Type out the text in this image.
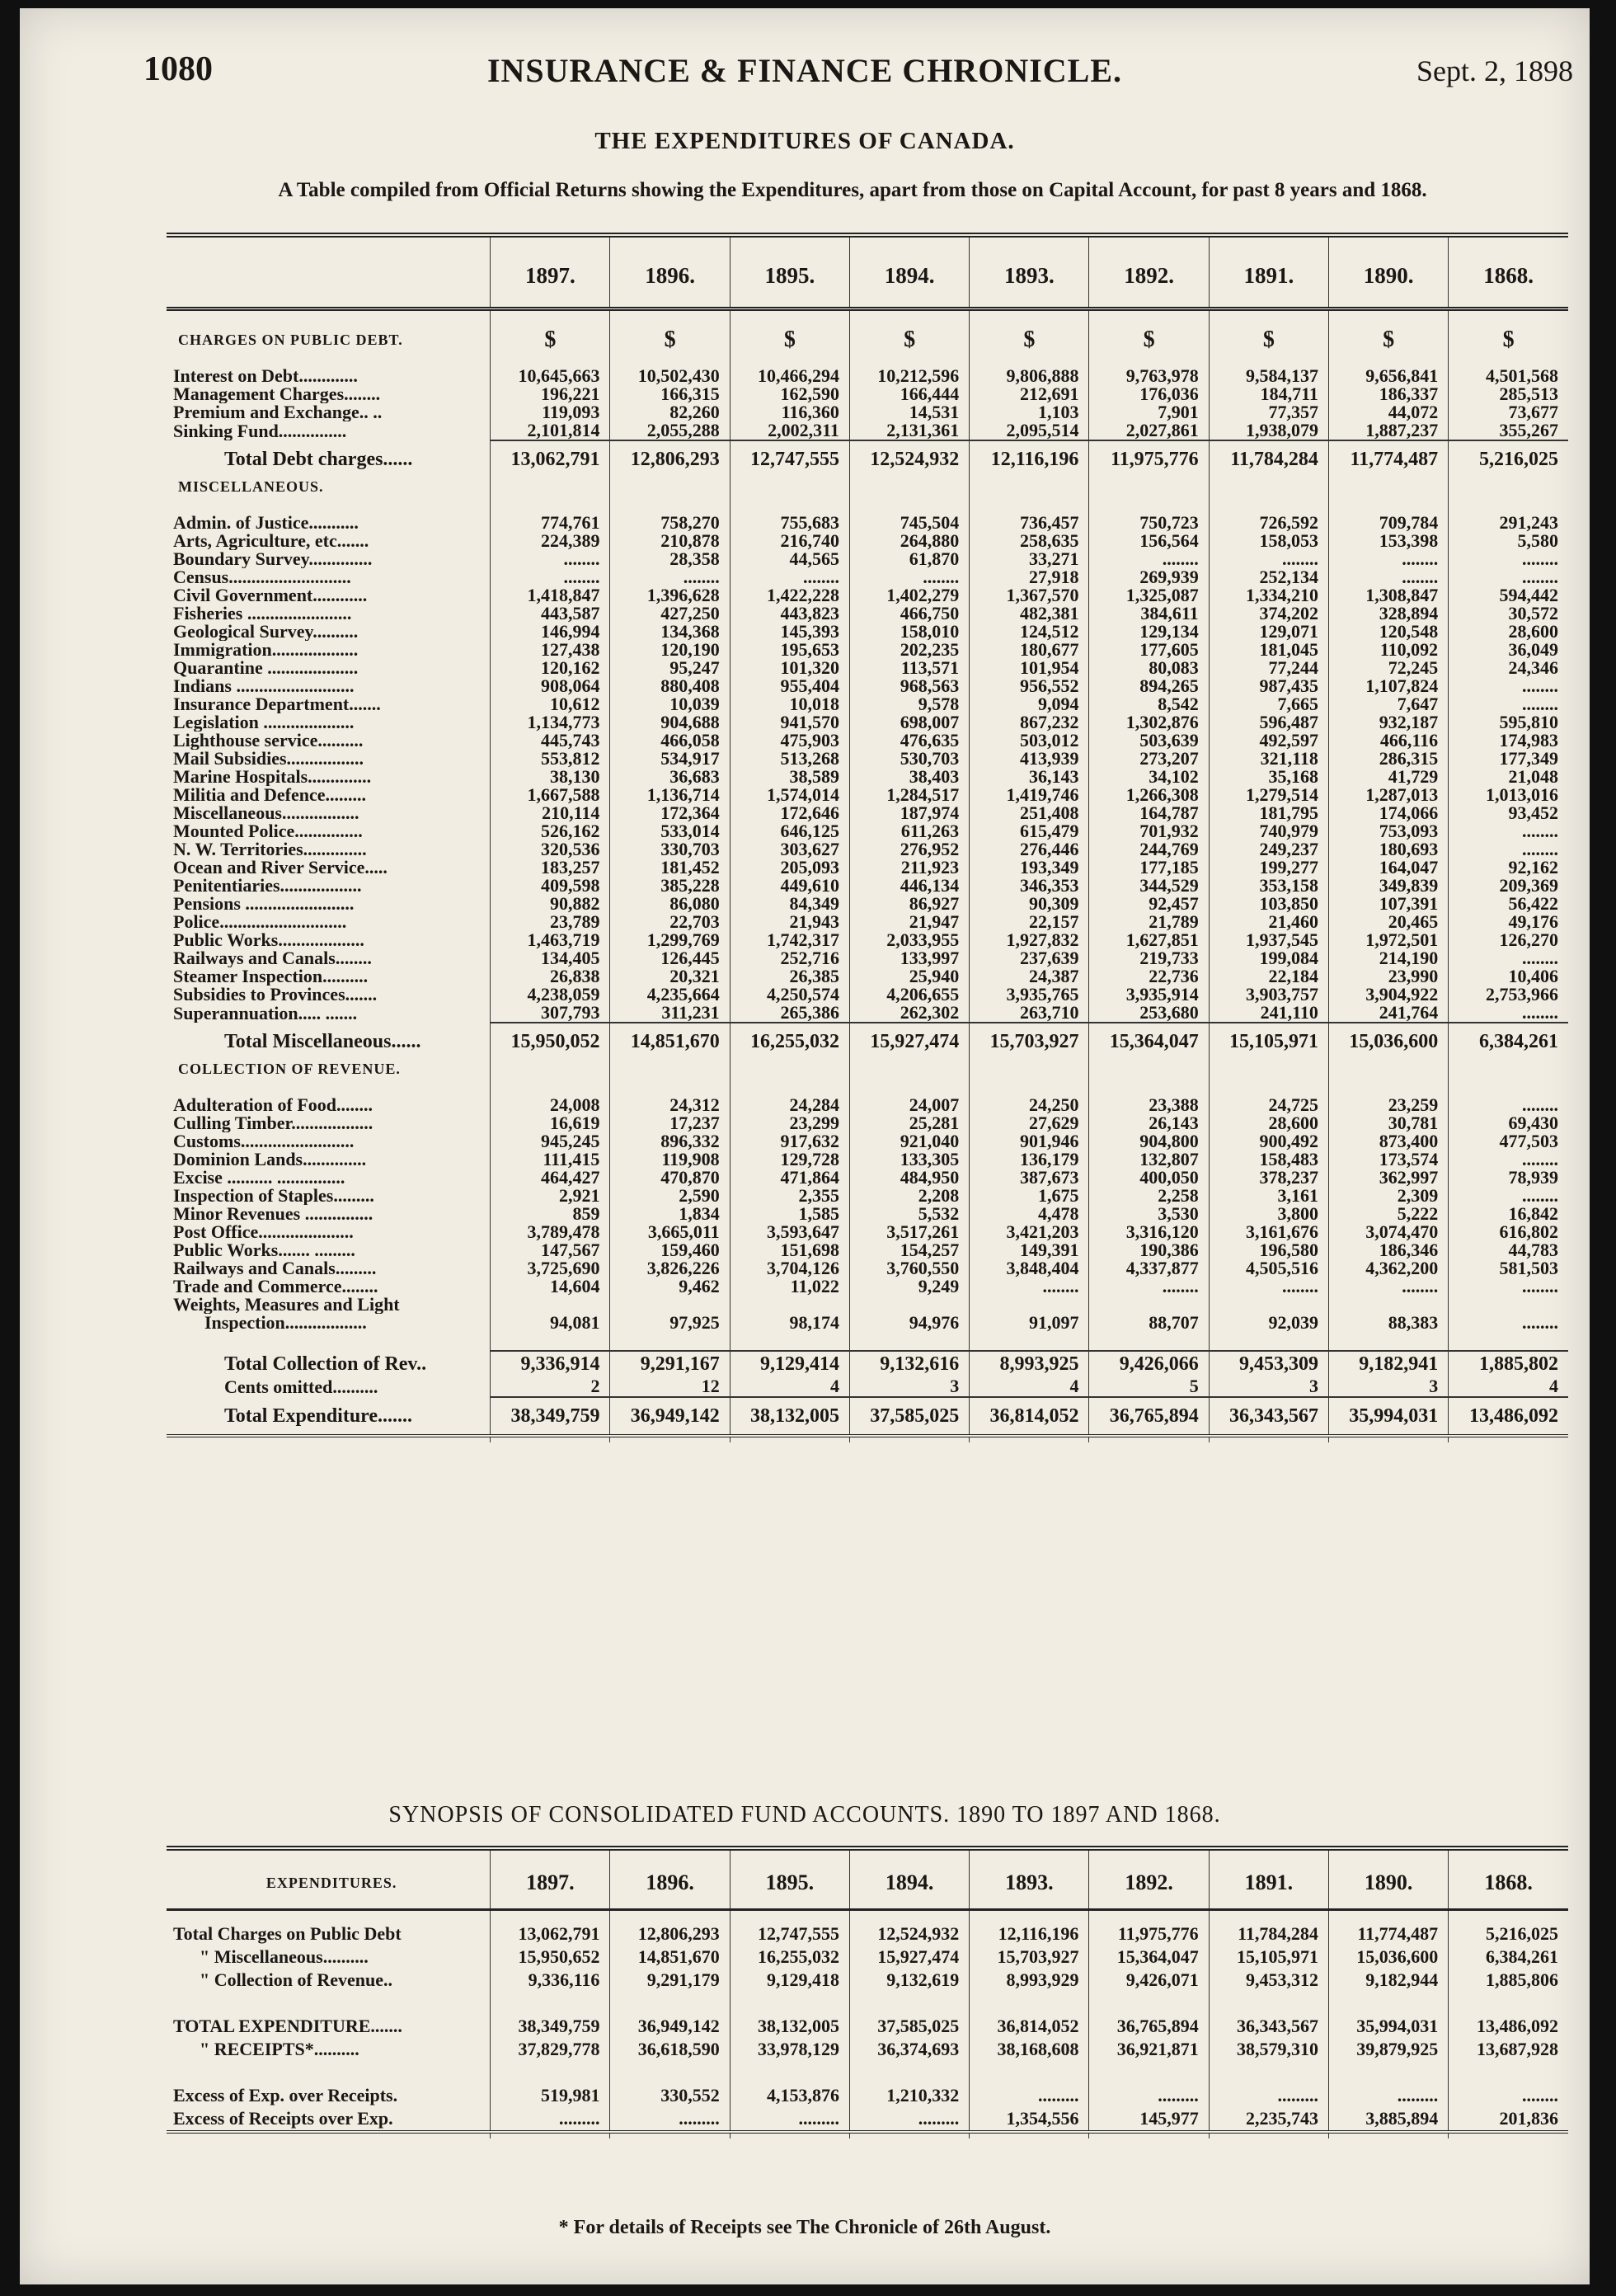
1080	INSURANCE & FINANCE CHRONICLE.	Sept. 2, 1898
THE EXPENDITURES OF CANADA.
A Table compiled from Official Returns showing the Expenditures, apart from those on Capital Account, for past 8 years and 1868.

	1897.	1896.	1895.	1894.	1893.	1892.	1891.	1890.	1868.

CHARGES ON PUBLIC DEBT.	$	$	$	$	$	$	$	$	$

Interest on Debt.............	10,645,663	10,502,430	10,466,294	10,212,596	9,806,888	9,763,978	9,584,137	9,656,841	4,501,568
Management Charges........	196,221	166,315	162,590	166,444	212,691	176,036	184,711	186,337	285,513
Premium and Exchange.. ..	119,093	82,260	116,360	14,531	1,103	7,901	77,357	44,072	73,677
Sinking Fund...............	2,101,814	2,055,288	2,002,311	2,131,361	2,095,514	2,027,861	1,938,079	1,887,237	355,267
Total Debt charges......	13,062,791	12,806,293	12,747,555	12,524,932	12,116,196	11,975,776	11,784,284	11,774,487	5,216,025
MISCELLANEOUS.									

Admin. of Justice...........	774,761	758,270	755,683	745,504	736,457	750,723	726,592	709,784	291,243
Arts, Agriculture, etc.......	224,389	210,878	216,740	264,880	258,635	156,564	158,053	153,398	5,580
Boundary Survey..............	........	28,358	44,565	61,870	33,271	........	........	........	........
Census...........................	........	........	........	........	27,918	269,939	252,134	........	........
Civil Government............	1,418,847	1,396,628	1,422,228	1,402,279	1,367,570	1,325,087	1,334,210	1,308,847	594,442
Fisheries .......................	443,587	427,250	443,823	466,750	482,381	384,611	374,202	328,894	30,572
Geological Survey..........	146,994	134,368	145,393	158,010	124,512	129,134	129,071	120,548	28,600
Immigration...................	127,438	120,190	195,653	202,235	180,677	177,605	181,045	110,092	36,049
Quarantine ....................	120,162	95,247	101,320	113,571	101,954	80,083	77,244	72,245	24,346
Indians ..........................	908,064	880,408	955,404	968,563	956,552	894,265	987,435	1,107,824	........
Insurance Department.......	10,612	10,039	10,018	9,578	9,094	8,542	7,665	7,647	........
Legislation ....................	1,134,773	904,688	941,570	698,007	867,232	1,302,876	596,487	932,187	595,810
Lighthouse service..........	445,743	466,058	475,903	476,635	503,012	503,639	492,597	466,116	174,983
Mail Subsidies.................	553,812	534,917	513,268	530,703	413,939	273,207	321,118	286,315	177,349
Marine Hospitals..............	38,130	36,683	38,589	38,403	36,143	34,102	35,168	41,729	21,048
Militia and Defence.........	1,667,588	1,136,714	1,574,014	1,284,517	1,419,746	1,266,308	1,279,514	1,287,013	1,013,016
Miscellaneous.................	210,114	172,364	172,646	187,974	251,408	164,787	181,795	174,066	93,452
Mounted Police...............	526,162	533,014	646,125	611,263	615,479	701,932	740,979	753,093	........
N. W. Territories..............	320,536	330,703	303,627	276,952	276,446	244,769	249,237	180,693	........
Ocean and River Service.....	183,257	181,452	205,093	211,923	193,349	177,185	199,277	164,047	92,162
Penitentiaries..................	409,598	385,228	449,610	446,134	346,353	344,529	353,158	349,839	209,369
Pensions ........................	90,882	86,080	84,349	86,927	90,309	92,457	103,850	107,391	56,422
Police............................	23,789	22,703	21,943	21,947	22,157	21,789	21,460	20,465	49,176
Public Works...................	1,463,719	1,299,769	1,742,317	2,033,955	1,927,832	1,627,851	1,937,545	1,972,501	126,270
Railways and Canals........	134,405	126,445	252,716	133,997	237,639	219,733	199,084	214,190	........
Steamer Inspection..........	26,838	20,321	26,385	25,940	24,387	22,736	22,184	23,990	10,406
Subsidies to Provinces.......	4,238,059	4,235,664	4,250,574	4,206,655	3,935,765	3,935,914	3,903,757	3,904,922	2,753,966
Superannuation..... .......	307,793	311,231	265,386	262,302	263,710	253,680	241,110	241,764	........
Total Miscellaneous......	15,950,052	14,851,670	16,255,032	15,927,474	15,703,927	15,364,047	15,105,971	15,036,600	6,384,261
COLLECTION OF REVENUE.									

Adulteration of Food........	24,008	24,312	24,284	24,007	24,250	23,388	24,725	23,259	........
Culling Timber..................	16,619	17,237	23,299	25,281	27,629	26,143	28,600	30,781	69,430
Customs.........................	945,245	896,332	917,632	921,040	901,946	904,800	900,492	873,400	477,503
Dominion Lands..............	111,415	119,908	129,728	133,305	136,179	132,807	158,483	173,574	........
Excise .......... ...............	464,427	470,870	471,864	484,950	387,673	400,050	378,237	362,997	78,939
Inspection of Staples.........	2,921	2,590	2,355	2,208	1,675	2,258	3,161	2,309	........
Minor Revenues ...............	859	1,834	1,585	5,532	4,478	3,530	3,800	5,222	16,842
Post Office.....................	3,789,478	3,665,011	3,593,647	3,517,261	3,421,203	3,316,120	3,161,676	3,074,470	616,802
Public Works....... .........	147,567	159,460	151,698	154,257	149,391	190,386	196,580	186,346	44,783
Railways and Canals.........	3,725,690	3,826,226	3,704,126	3,760,550	3,848,404	4,337,877	4,505,516	4,362,200	581,503
Trade and Commerce........	14,604	9,462	11,022	9,249	........	........	........	........	........
Weights, Measures and Light									
Inspection..................	94,081	97,925	98,174	94,976	91,097	88,707	92,039	88,383	........

Total Collection of Rev..	9,336,914	9,291,167	9,129,414	9,132,616	8,993,925	9,426,066	9,453,309	9,182,941	1,885,802
Cents omitted..........	2	12	4	3	4	5	3	3	4
Total Expenditure.......	38,349,759	36,949,142	38,132,005	37,585,025	36,814,052	36,765,894	36,343,567	35,994,031	13,486,092

SYNOPSIS OF CONSOLIDATED FUND ACCOUNTS. 1890 TO 1897 AND 1868.

EXPENDITURES.	1897.	1896.	1895.	1894.	1893.	1892.	1891.	1890.	1868.

Total Charges on Public Debt	13,062,791	12,806,293	12,747,555	12,524,932	12,116,196	11,975,776	11,784,284	11,774,487	5,216,025
" Miscellaneous..........	15,950,652	14,851,670	16,255,032	15,927,474	15,703,927	15,364,047	15,105,971	15,036,600	6,384,261
" Collection of Revenue..	9,336,116	9,291,179	9,129,418	9,132,619	8,993,929	9,426,071	9,453,312	9,182,944	1,885,806

TOTAL EXPENDITURE.......	38,349,759	36,949,142	38,132,005	37,585,025	36,814,052	36,765,894	36,343,567	35,994,031	13,486,092
" RECEIPTS*..........	37,829,778	36,618,590	33,978,129	36,374,693	38,168,608	36,921,871	38,579,310	39,879,925	13,687,928

Excess of Exp. over Receipts.	519,981	330,552	4,153,876	1,210,332	.........	.........	.........	.........	........
Excess of Receipts over Exp.	.........	.........	.........	.........	1,354,556	145,977	2,235,743	3,885,894	201,836

* For details of Receipts see The Chronicle of 26th August.
